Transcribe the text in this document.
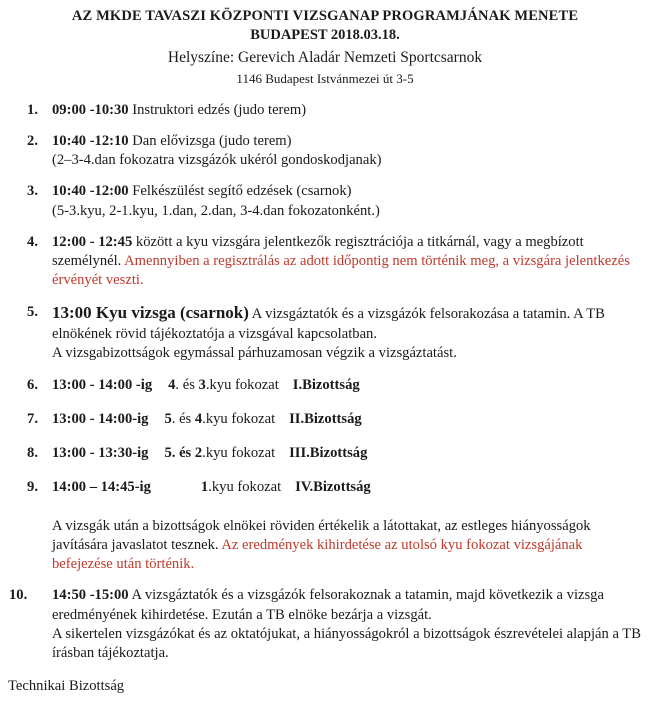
AZ MKDE TAVASZI KÖZPONTI VIZSGANAP PROGRAMJÁNAK MENETE
BUDAPEST 2018.03.18.
Helyszíne: Gerevich Aladár Nemzeti Sportcsarnok
1146 Budapest Istvánmezei út 3-5
1. 09:00 -10:30 Instruktori edzés (judo terem)
2. 10:40 -12:10 Dan elővizsga (judo terem)
(2–3-4.dan fokozatra vizsgázók ukéról gondoskodjanak)
3. 10:40 -12:00 Felkészülést segítő edzések (csarnok)
(5-3.kyu, 2-1.kyu, 1.dan, 2.dan, 3-4.dan fokozatonként.)
4. 12:00 - 12:45 között a kyu vizsgára jelentkezők regisztrációja a titkárnál, vagy a megbízott személynél. Amennyiben a regisztrálás az adott időpontig nem történik meg, a vizsgára jelentkezés érvényét veszti.
5. 13:00 Kyu vizsga (csarnok) A vizsgáztatók és a vizsgázók felsorakozása a tatamin. A TB elnökének rövid tájékoztatója a vizsgával kapcsolatban.
A vizsgabizottságok egymással párhuzamosan végzik a vizsgáztatást.
6. 13:00 - 14:00 -ig 4. és 3.kyu fokozat I.Bizottság
7. 13:00 - 14:00-ig 5. és 4.kyu fokozat II.Bizottság
8. 13:00 - 13:30-ig 5. és 2.kyu fokozat III.Bizottság
9. 14:00 – 14:45-ig	1.kyu fokozat IV.Bizottság
A vizsgák után a bizottságok elnökei röviden értékelik a látottakat, az estleges hiányosságok javítására javaslatot tesznek. Az eredmények kihirdetése az utolsó kyu fokozat vizsgájának befejezése után történik.
10.	14:50 -15:00 A vizsgáztatók és a vizsgázók felsorakoznak a tatamin, majd következik a vizsga eredményének kihirdetése. Ezután a TB elnöke bezárja a vizsgát.
A sikertelen vizsgázókat és az oktatójukat, a hiányosságokról a bizottságok észrevételei alapján a TB írásban tájékoztatja.
Technikai Bizottság
